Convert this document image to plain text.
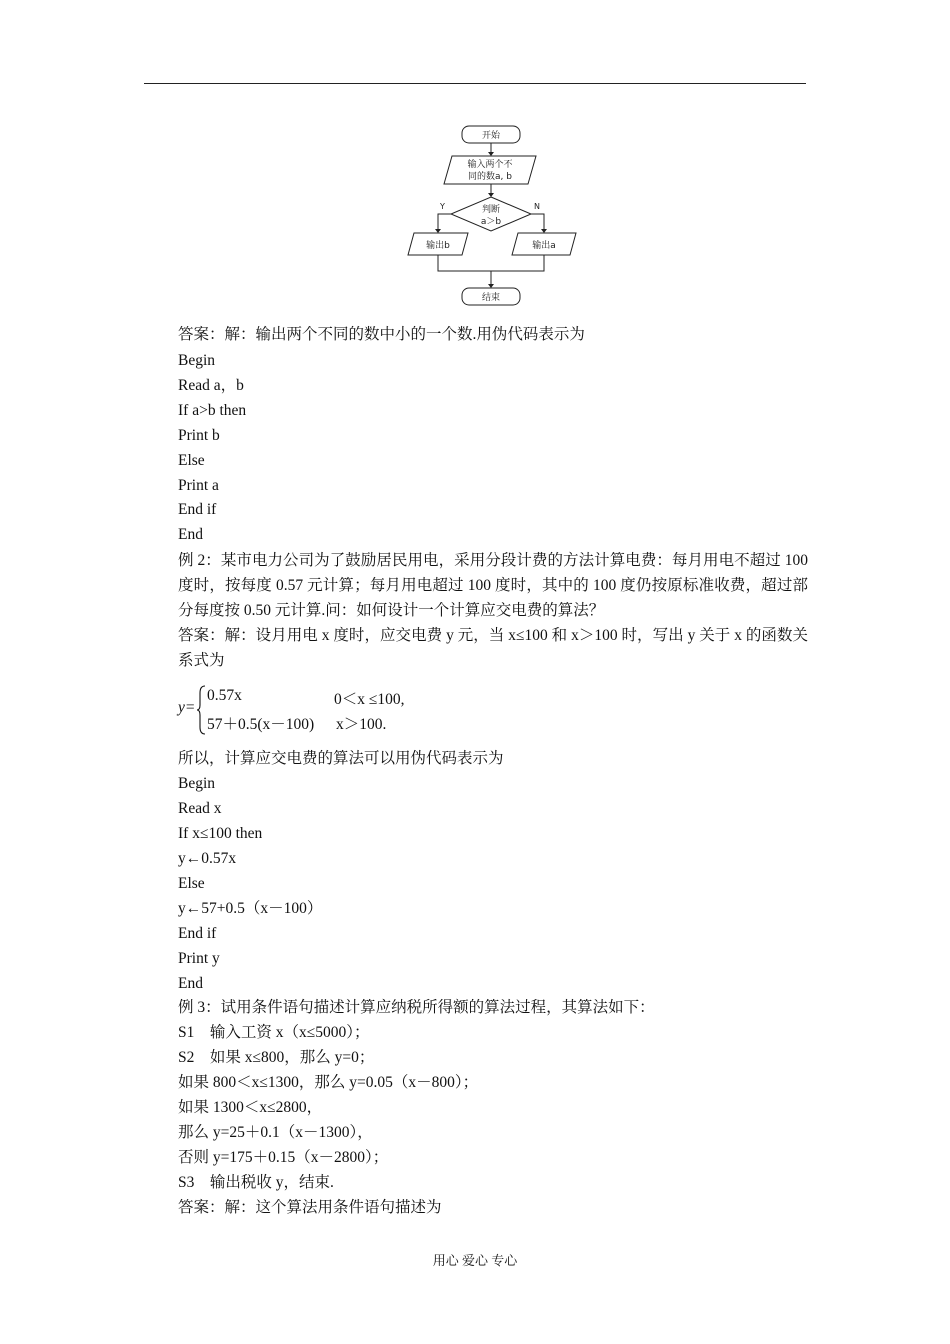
开始
输入两个不
同的数a, b
判断
a＞b
Y	N
输出b	输出a
结束
答案：解：输出两个不同的数中小的一个数.用伪代码表示为
Begin
Read a，b
If a>b then
Print b
Else
Print a
End if
End
例 2：某市电力公司为了鼓励居民用电，采用分段计费的方法计算电费：每月用电不超过 100 度时，按每度 0.57 元计算；每月用电超过 100 度时，其中的 100 度仍按原标准收费，超过部分每度按 0.50 元计算.问：如何设计一个计算应交电费的算法？
答案：解：设月用电 x 度时，应交电费 y 元，当 x≤100 和 x＞100 时，写出 y 关于 x 的函数关系式为
y=
0.57x	0＜x ≤100,
57＋0.5(x－100) x＞100.
所以，计算应交电费的算法可以用伪代码表示为
Begin
Read x
If x≤100 then
y←0.57x
Else
y←57+0.5（x－100）
End if
Print y
End
例 3：试用条件语句描述计算应纳税所得额的算法过程，其算法如下：
S1　输入工资 x（x≤5000）；
S2　如果 x≤800，那么 y=0；
如果 800＜x≤1300，那么 y=0.05（x－800）；
如果 1300＜x≤2800，
那么 y=25＋0.1（x－1300），
否则 y=175＋0.15（x－2800）；
S3　输出税收 y，结束.
答案：解：这个算法用条件语句描述为
用心 爱心 专心
